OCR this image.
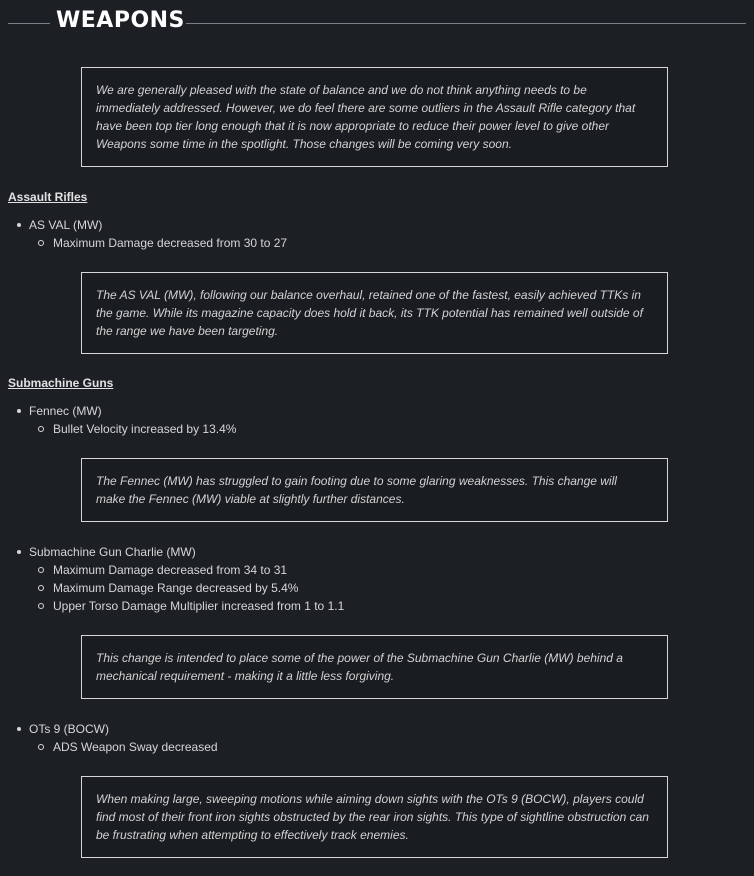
WEAPONS
We are generally pleased with the state of balance and we do not think anything needs to be immediately addressed. However, we do feel there are some outliers in the Assault Rifle category that have been top tier long enough that it is now appropriate to reduce their power level to give other Weapons some time in the spotlight. Those changes will be coming very soon.
Assault Rifles
AS VAL (MW)
Maximum Damage decreased from 30 to 27
The AS VAL (MW), following our balance overhaul, retained one of the fastest, easily achieved TTKs in the game. While its magazine capacity does hold it back, its TTK potential has remained well outside of the range we have been targeting.
Submachine Guns
Fennec (MW)
Bullet Velocity increased by 13.4%
The Fennec (MW) has struggled to gain footing due to some glaring weaknesses. This change will make the Fennec (MW) viable at slightly further distances.
Submachine Gun Charlie (MW)
Maximum Damage decreased from 34 to 31
Maximum Damage Range decreased by 5.4%
Upper Torso Damage Multiplier increased from 1 to 1.1
This change is intended to place some of the power of the Submachine Gun Charlie (MW) behind a mechanical requirement - making it a little less forgiving.
OTs 9 (BOCW)
ADS Weapon Sway decreased
When making large, sweeping motions while aiming down sights with the OTs 9 (BOCW), players could find most of their front iron sights obstructed by the rear iron sights. This type of sightline obstruction can be frustrating when attempting to effectively track enemies.
